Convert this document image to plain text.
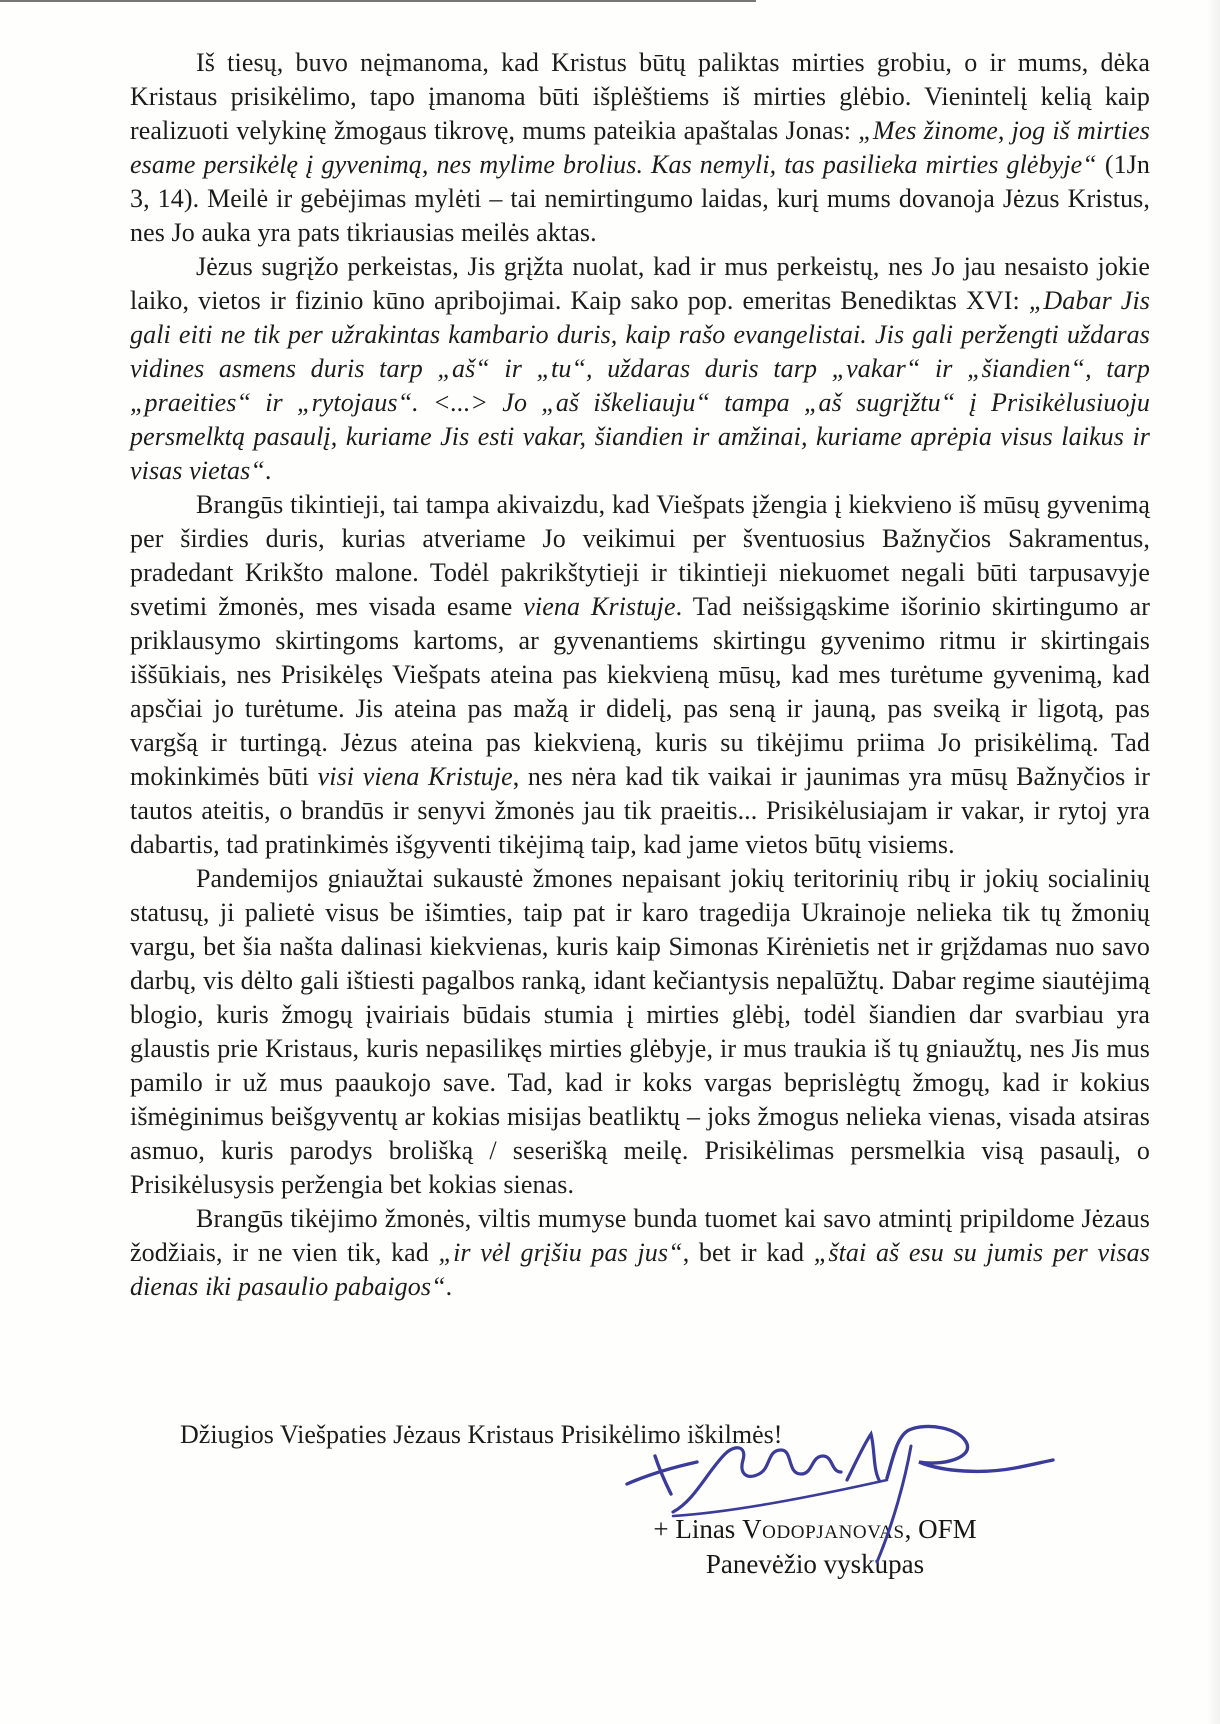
Iš tiesų, buvo neįmanoma, kad Kristus būtų paliktas mirties grobiu, o ir mums, dėka Kristaus prisikėlimo, tapo įmanoma būti išplėštiems iš mirties glėbio. Vienintelį kelią kaip realizuoti velykinę žmogaus tikrovę, mums pateikia apaštalas Jonas: „Mes žinome, jog iš mirties esame persikėlę į gyvenimą, nes mylime brolius. Kas nemyli, tas pasilieka mirties glėbyje“ (1Jn 3, 14). Meilė ir gebėjimas mylėti – tai nemirtingumo laidas, kurį mums dovanoja Jėzus Kristus, nes Jo auka yra pats tikriausias meilės aktas.

Jėzus sugrįžo perkeistas, Jis grįžta nuolat, kad ir mus perkeistų, nes Jo jau nesaisto jokie laiko, vietos ir fizinio kūno apribojimai. Kaip sako pop. emeritas Benediktas XVI: „Dabar Jis gali eiti ne tik per užrakintas kambario duris, kaip rašo evangelistai. Jis gali peržengti uždaras vidines asmens duris tarp „aš“ ir „tu“, uždaras duris tarp „vakar“ ir „šiandien“, tarp „praeities“ ir „rytojaus“. <...> Jo „aš iškeliauju“ tampa „aš sugrįžtu“ į Prisikėlusiuoju persmelktą pasaulį, kuriame Jis esti vakar, šiandien ir amžinai, kuriame aprėpia visus laikus ir visas vietas“.

Brangūs tikintieji, tai tampa akivaizdu, kad Viešpats įžengia į kiekvieno iš mūsų gyvenimą per širdies duris, kurias atveriame Jo veikimui per šventuosius Bažnyčios Sakramentus, pradedant Krikšto malone. Todėl pakrikštytieji ir tikintieji niekuomet negali būti tarpusavyje svetimi žmonės, mes visada esame viena Kristuje. Tad neišsigąskime išorinio skirtingumo ar priklausymo skirtingoms kartoms, ar gyvenantiems skirtingu gyvenimo ritmu ir skirtingais iššūkiais, nes Prisikėlęs Viešpats ateina pas kiekvieną mūsų, kad mes turėtume gyvenimą, kad apsčiai jo turėtume. Jis ateina pas mažą ir didelį, pas seną ir jauną, pas sveiką ir ligotą, pas vargšą ir turtingą. Jėzus ateina pas kiekvieną, kuris su tikėjimu priima Jo prisikėlimą. Tad mokinkimės būti visi viena Kristuje, nes nėra kad tik vaikai ir jaunimas yra mūsų Bažnyčios ir tautos ateitis, o brandūs ir senyvi žmonės jau tik praeitis... Prisikėlusiajam ir vakar, ir rytoj yra dabartis, tad pratinkimės išgyventi tikėjimą taip, kad jame vietos būtų visiems.

Pandemijos gniaužtai sukaustė žmones nepaisant jokių teritorinių ribų ir jokių socialinių statusų, ji palietė visus be išimties, taip pat ir karo tragedija Ukrainoje nelieka tik tų žmonių vargu, bet šia našta dalinasi kiekvienas, kuris kaip Simonas Kirėnietis net ir grįždamas nuo savo darbų, vis dėlto gali ištiesti pagalbos ranką, idant kečiantysis nepalūžtų. Dabar regime siautėjimą blogio, kuris žmogų įvairiais būdais stumia į mirties glėbį, todėl šiandien dar svarbiau yra glaustis prie Kristaus, kuris nepasilikęs mirties glėbyje, ir mus traukia iš tų gniaužtų, nes Jis mus pamilo ir už mus paaukojo save. Tad, kad ir koks vargas beprislėgtų žmogų, kad ir kokius išmėginimus beišgyventų ar kokias misijas beatliktų – joks žmogus nelieka vienas, visada atsiras asmuo, kuris parodys brolišką / seserišką meilę. Prisikėlimas persmelkia visą pasaulį, o Prisikėlusysis peržengia bet kokias sienas.

Brangūs tikėjimo žmonės, viltis mumyse bunda tuomet kai savo atmintį pripildome Jėzaus žodžiais, ir ne vien tik, kad „ir vėl grįšiu pas jus“, bet ir kad „štai aš esu su jumis per visas dienas iki pasaulio pabaigos“.

Džiugios Viešpaties Jėzaus Kristaus Prisikėlimo iškilmės!

+ Linas Vodopjanovas, OFM
Panevėžio vyskupas
